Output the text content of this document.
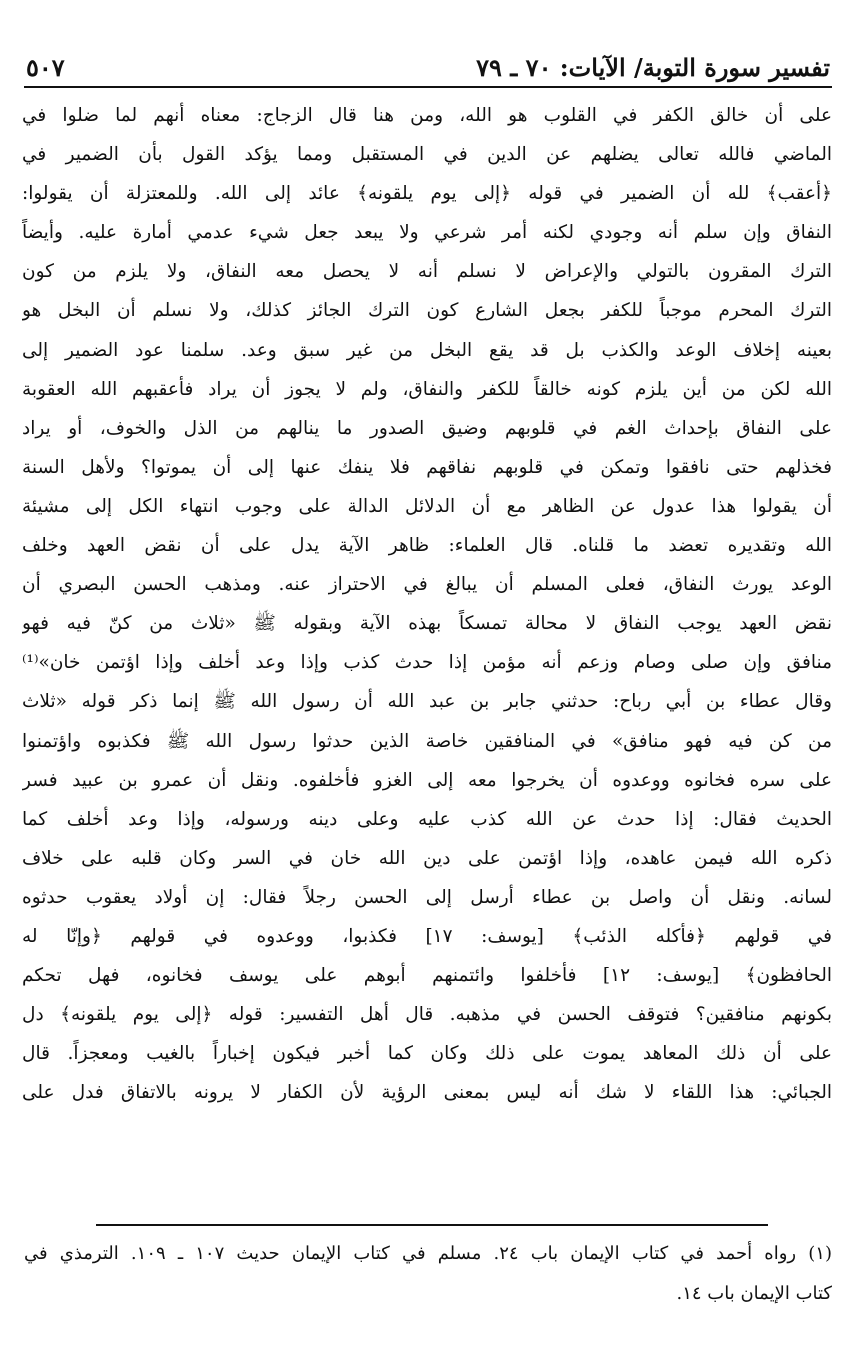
تفسير سورة التوبة/ الآيات: ٧٠ ـ ٧٩
٥٠٧
على أن خالق الكفر في القلوب هو الله، ومن هنا قال الزجاج: معناه أنهم لما ضلوا في
الماضي فالله تعالى يضلهم عن الدين في المستقبل ومما يؤكد القول بأن الضمير في
﴿أعقب﴾ لله أن الضمير في قوله ﴿إلى يوم يلقونه﴾ عائد إلى الله. وللمعتزلة أن يقولوا:
النفاق وإن سلم أنه وجودي لكنه أمر شرعي ولا يبعد جعل شيء عدمي أمارة عليه. وأيضاً
الترك المقرون بالتولي والإعراض لا نسلم أنه لا يحصل معه النفاق، ولا يلزم من كون
الترك المحرم موجباً للكفر بجعل الشارع كون الترك الجائز كذلك، ولا نسلم أن البخل هو
بعينه إخلاف الوعد والكذب بل قد يقع البخل من غير سبق وعد. سلمنا عود الضمير إلى
الله لكن من أين يلزم كونه خالقاً للكفر والنفاق، ولم لا يجوز أن يراد فأعقبهم الله العقوبة
على النفاق بإحداث الغم في قلوبهم وضيق الصدور ما ينالهم من الذل والخوف، أو يراد
فخذلهم حتى نافقوا وتمكن في قلوبهم نفاقهم فلا ينفك عنها إلى أن يموتوا؟ ولأهل السنة
أن يقولوا هذا عدول عن الظاهر مع أن الدلائل الدالة على وجوب انتهاء الكل إلى مشيئة
الله وتقديره تعضد ما قلناه. قال العلماء: ظاهر الآية يدل على أن نقض العهد وخلف
الوعد يورث النفاق، فعلى المسلم أن يبالغ في الاحتراز عنه. ومذهب الحسن البصري أن
نقض العهد يوجب النفاق لا محالة تمسكاً بهذه الآية وبقوله ﷺ «ثلاث من كنّ فيه فهو
منافق وإن صلى وصام وزعم أنه مؤمن إذا حدث كذب وإذا وعد أخلف وإذا اؤتمن خان»⁽¹⁾
وقال عطاء بن أبي رباح: حدثني جابر بن عبد الله أن رسول الله ﷺ إنما ذكر قوله «ثلاث
من كن فيه فهو منافق» في المنافقين خاصة الذين حدثوا رسول الله ﷺ فكذبوه واؤتمنوا
على سره فخانوه ووعدوه أن يخرجوا معه إلى الغزو فأخلفوه. ونقل أن عمرو بن عبيد فسر
الحديث فقال: إذا حدث عن الله كذب عليه وعلى دينه ورسوله، وإذا وعد أخلف كما
ذكره الله فيمن عاهده، وإذا اؤتمن على دين الله خان في السر وكان قلبه على خلاف
لسانه. ونقل أن واصل بن عطاء أرسل إلى الحسن رجلاً فقال: إن أولاد يعقوب حدثوه
في قولهم ﴿فأكله الذئب﴾ [يوسف: ١٧] فكذبوا، ووعدوه في قولهم ﴿وإنّا له
الحافظون﴾ [يوسف: ١٢] فأخلفوا وائتمنهم أبوهم على يوسف فخانوه، فهل تحكم
بكونهم منافقين؟ فتوقف الحسن في مذهبه. قال أهل التفسير: قوله ﴿إلى يوم يلقونه﴾ دل
على أن ذلك المعاهد يموت على ذلك وكان كما أخبر فيكون إخباراً بالغيب ومعجزاً. قال
الجبائي: هذا اللقاء لا شك أنه ليس بمعنى الرؤية لأن الكفار لا يرونه بالاتفاق فدل على
(١) رواه أحمد في كتاب الإيمان باب ٢٤. مسلم في كتاب الإيمان حديث ١٠٧ ـ ١٠٩. الترمذي في
كتاب الإيمان باب ١٤.
